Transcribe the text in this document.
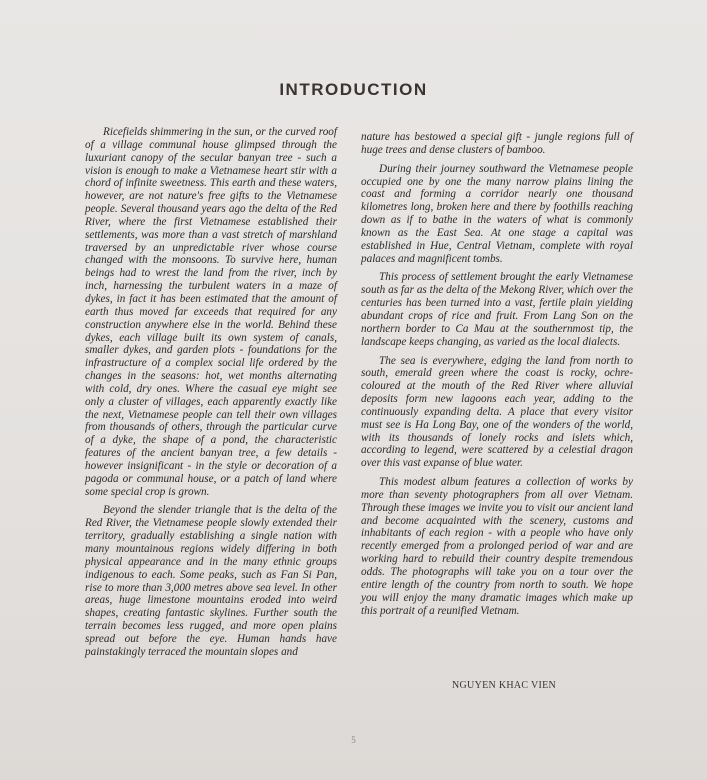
INTRODUCTION

Ricefields shimmering in the sun, or the curved roof of a village communal house glimpsed through the luxuriant canopy of the secular banyan tree - such a vision is enough to make a Vietnamese heart stir with a chord of infinite sweetness. This earth and these waters, however, are not nature's free gifts to the Vietnamese people. Several thousand years ago the delta of the Red River, where the first Vietnamese established their settlements, was more than a vast stretch of marshland traversed by an unpredictable river whose course changed with the monsoons. To survive here, human beings had to wrest the land from the river, inch by inch, harnessing the turbulent waters in a maze of dykes, in fact it has been estimated that the amount of earth thus moved far exceeds that required for any construction anywhere else in the world. Behind these dykes, each village built its own system of canals, smaller dykes, and garden plots - foundations for the infrastructure of a complex social life ordered by the changes in the seasons: hot, wet months alternating with cold, dry ones. Where the casual eye might see only a cluster of villages, each apparently exactly like the next, Vietnamese people can tell their own villages from thousands of others, through the particular curve of a dyke, the shape of a pond, the characteristic features of the ancient banyan tree, a few details - however insignificant - in the style or decoration of a pagoda or communal house, or a patch of land where some special crop is grown.

Beyond the slender triangle that is the delta of the Red River, the Vietnamese people slowly extended their territory, gradually establishing a single nation with many mountainous regions widely differing in both physical appearance and in the many ethnic groups indigenous to each. Some peaks, such as Fan Si Pan, rise to more than 3,000 metres above sea level. In other areas, huge limestone mountains eroded into weird shapes, creating fantastic skylines. Further south the terrain becomes less rugged, and more open plains spread out before the eye. Human hands have painstakingly terraced the mountain slopes and

nature has bestowed a special gift - jungle regions full of huge trees and dense clusters of bamboo.

During their journey southward the Vietnamese people occupied one by one the many narrow plains lining the coast and forming a corridor nearly one thousand kilometres long, broken here and there by foothills reaching down as if to bathe in the waters of what is commonly known as the East Sea. At one stage a capital was established in Hue, Central Vietnam, complete with royal palaces and magnificent tombs.

This process of settlement brought the early Vietnamese south as far as the delta of the Mekong River, which over the centuries has been turned into a vast, fertile plain yielding abundant crops of rice and fruit. From Lang Son on the northern border to Ca Mau at the southernmost tip, the landscape keeps changing, as varied as the local dialects.

The sea is everywhere, edging the land from north to south, emerald green where the coast is rocky, ochre-coloured at the mouth of the Red River where alluvial deposits form new lagoons each year, adding to the continuously expanding delta. A place that every visitor must see is Ha Long Bay, one of the wonders of the world, with its thousands of lonely rocks and islets which, according to legend, were scattered by a celestial dragon over this vast expanse of blue water.

This modest album features a collection of works by more than seventy photographers from all over Vietnam. Through these images we invite you to visit our ancient land and become acquainted with the scenery, customs and inhabitants of each region - with a people who have only recently emerged from a prolonged period of war and are working hard to rebuild their country despite tremendous odds. The photographs will take you on a tour over the entire length of the country from north to south. We hope you will enjoy the many dramatic images which make up this portrait of a reunified Vietnam.

NGUYEN KHAC VIEN
5
